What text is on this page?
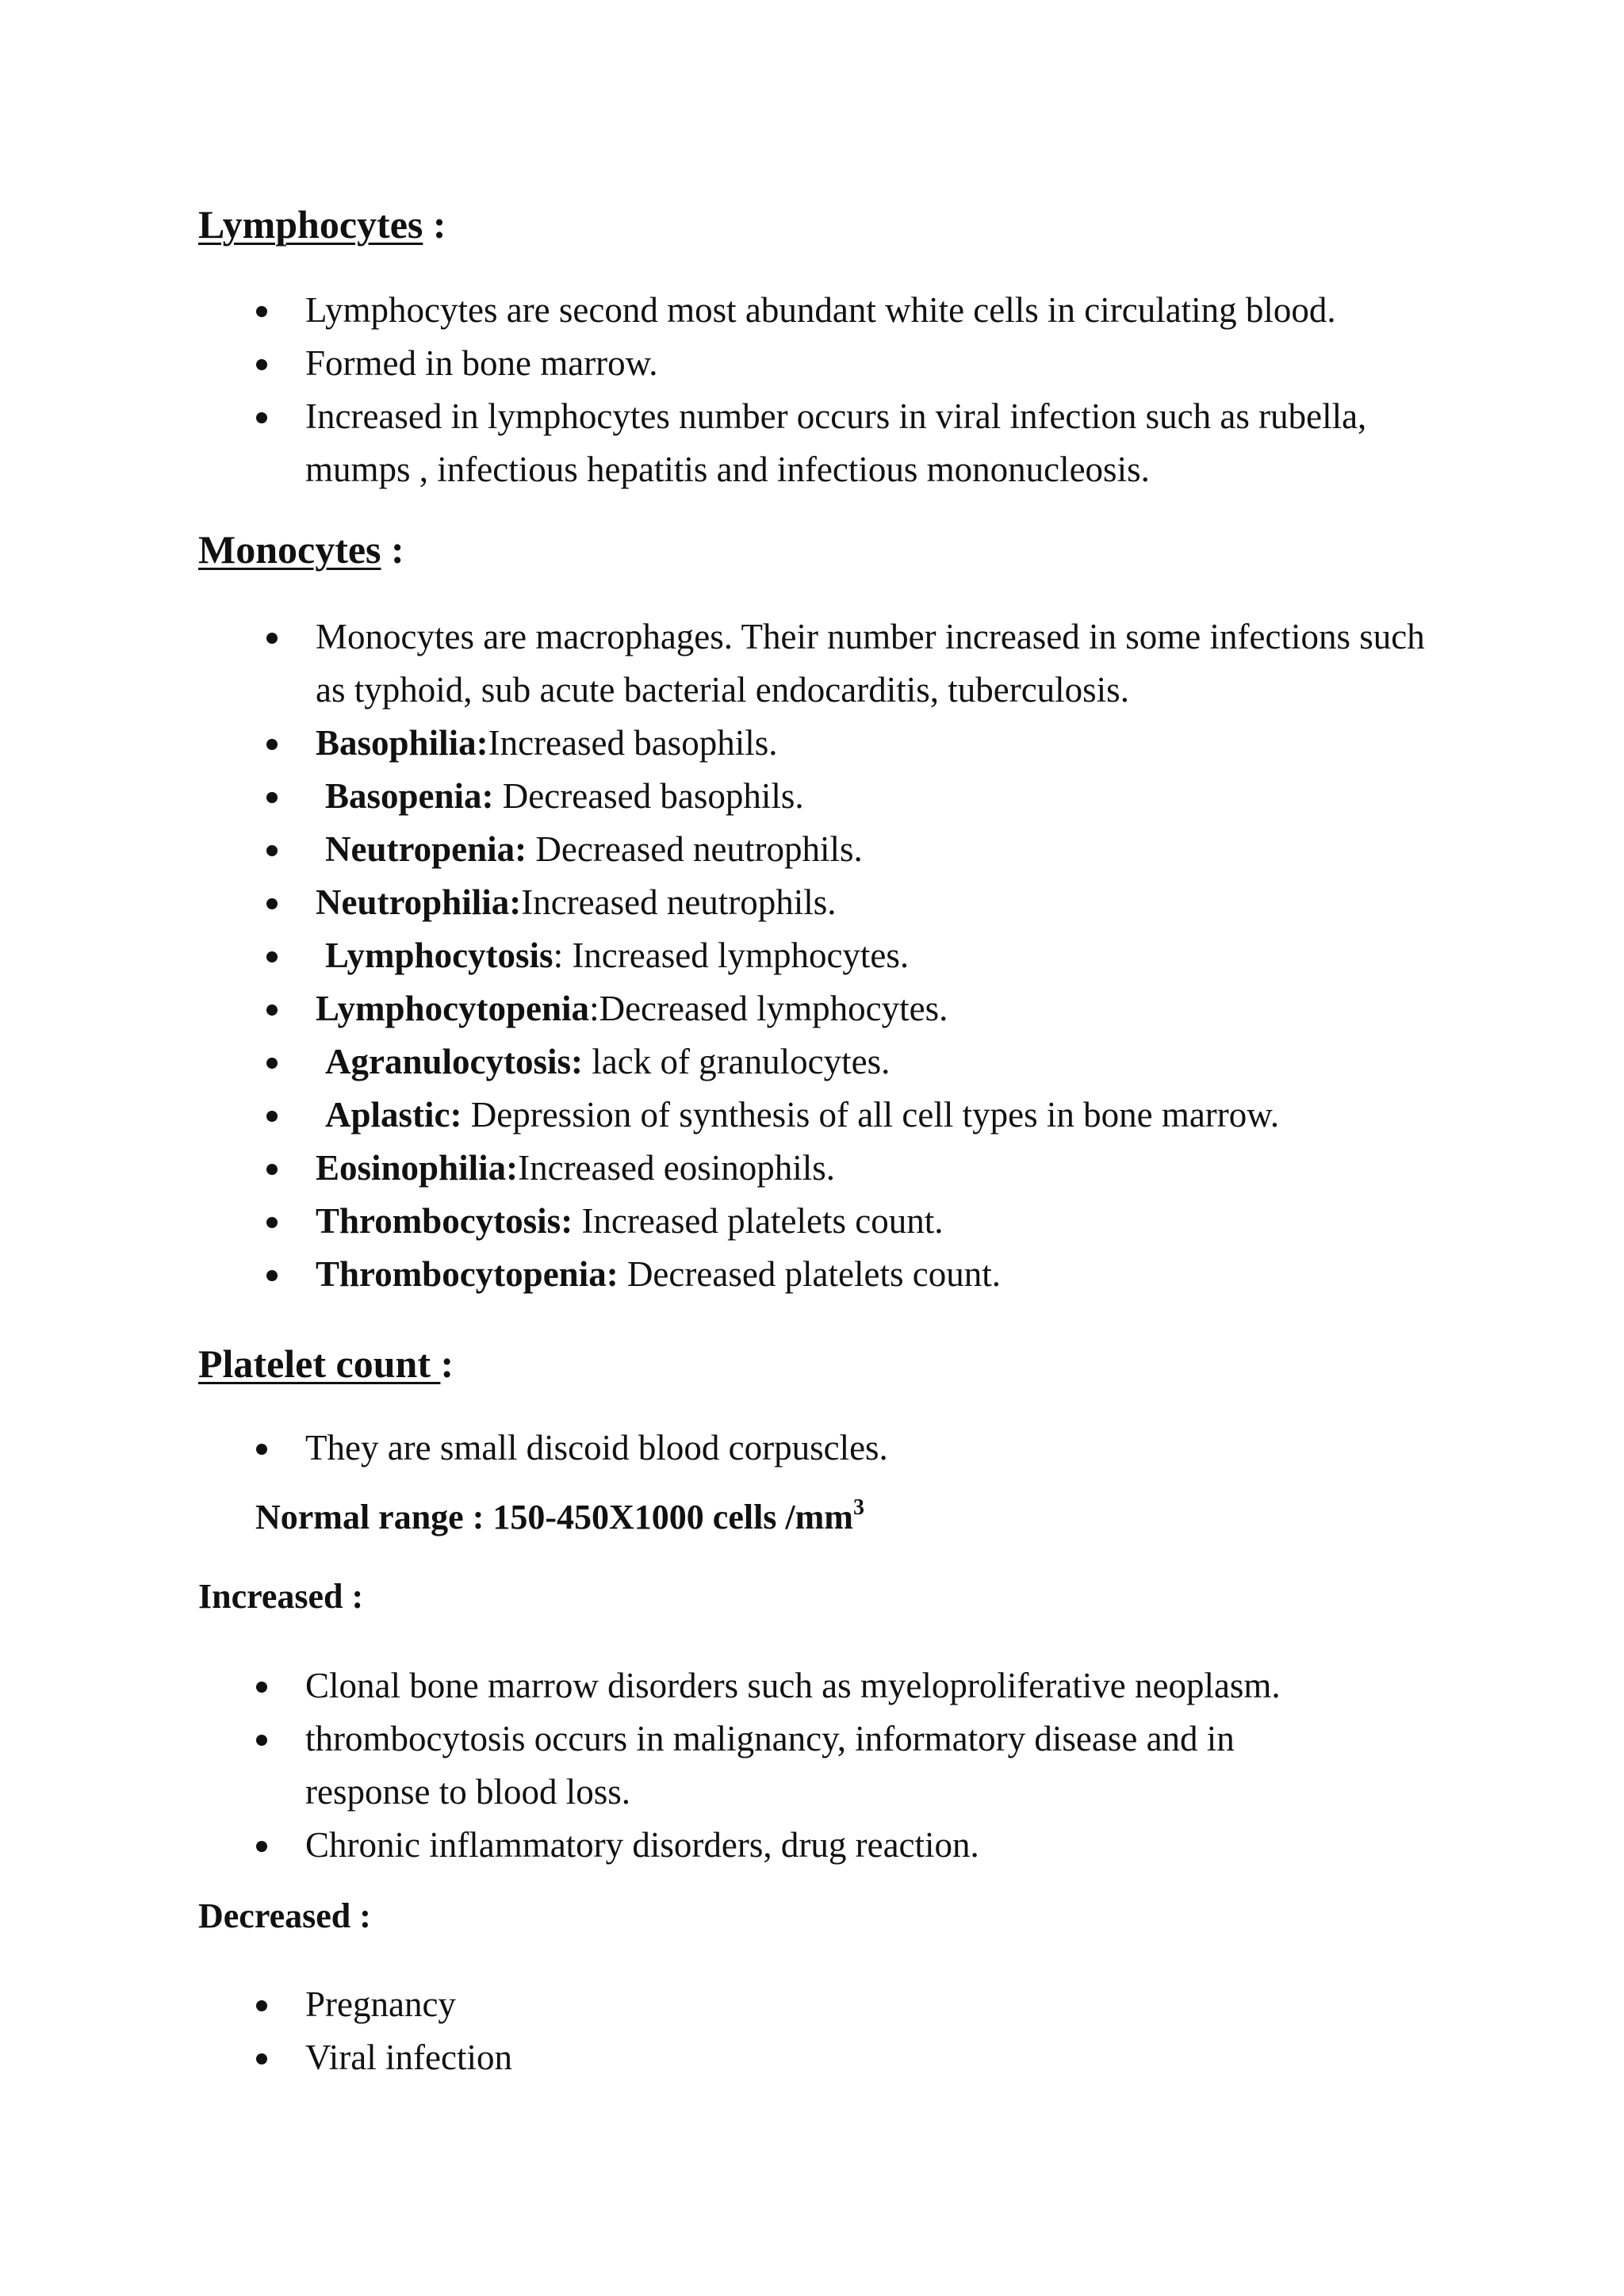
Lymphocytes :
Lymphocytes are second most abundant white cells in circulating blood.
Formed in bone marrow.
Increased in lymphocytes number occurs in viral infection such as rubella, mumps , infectious hepatitis and infectious mononucleosis.
Monocytes :
Monocytes are macrophages. Their number increased in some infections such as typhoid, sub acute bacterial endocarditis, tuberculosis.
Basophilia:Increased basophils.
Basopenia: Decreased basophils.
Neutropenia: Decreased neutrophils.
Neutrophilia:Increased neutrophils.
Lymphocytosis: Increased lymphocytes.
Lymphocytopenia:Decreased lymphocytes.
Agranulocytosis: lack of granulocytes.
Aplastic: Depression of synthesis of all cell types in bone marrow.
Eosinophilia:Increased eosinophils.
Thrombocytosis: Increased platelets count.
Thrombocytopenia: Decreased platelets count.
Platelet count :
They are small discoid blood corpuscles.

Normal range : 150-450X1000 cells $/mm^3$

Increased :

Clonal bone marrow disorders such as myeloproliferative neoplasm.
thrombocytosis occurs in malignancy, informatory disease and in response to blood loss.
Chronic inflammatory disorders, drug reaction.

Decreased :

Pregnancy
Viral infection
